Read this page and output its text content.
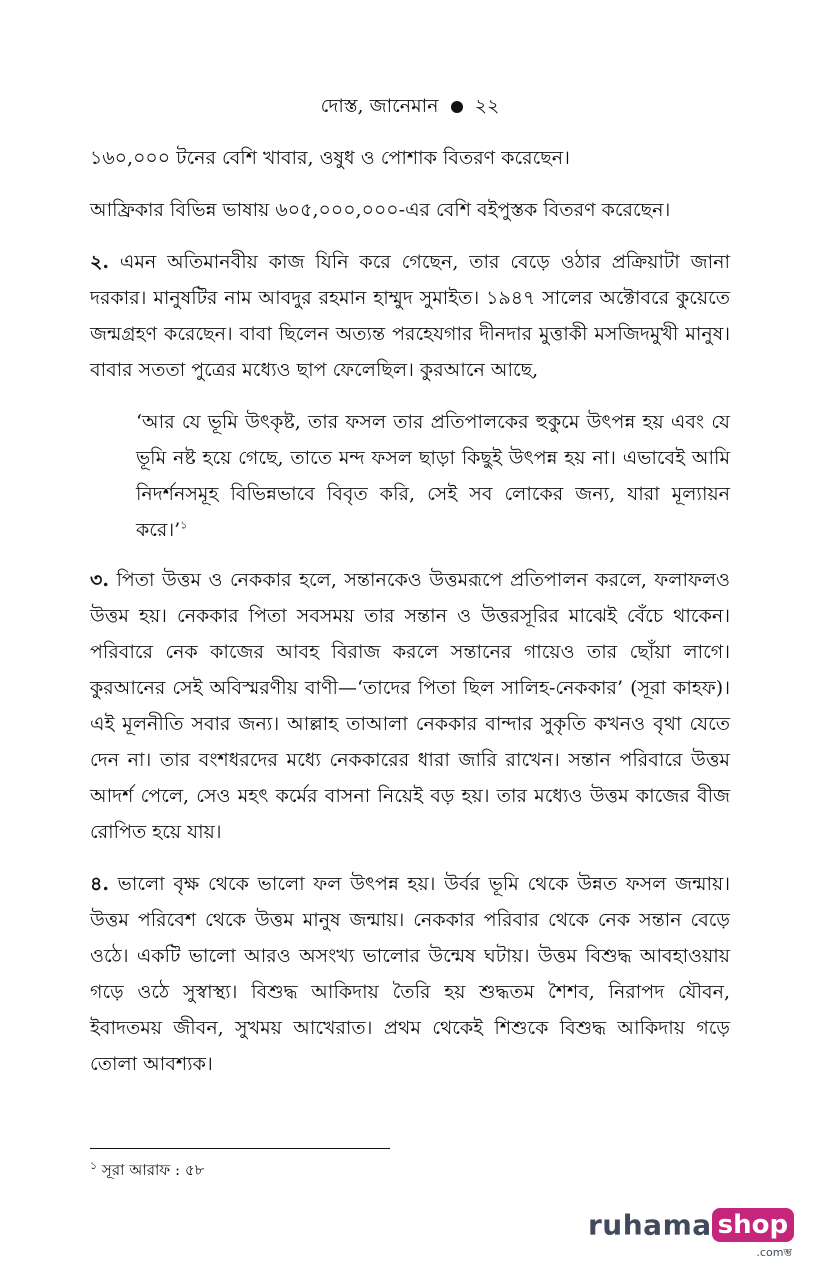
দোস্ত, জানেমান ২২

১৬০,০০০ টনের বেশি খাবার, ওষুধ ও পোশাক বিতরণ করেছেন।

আফ্রিকার বিভিন্ন ভাষায় ৬০৫,০০০,০০০-এর বেশি বইপুস্তক বিতরণ করেছেন।

২. এমন অতিমানবীয় কাজ যিনি করে গেছেন, তার বেড়ে ওঠার প্রক্রিয়াটা জানা দরকার। মানুষটির নাম আবদুর রহমান হাম্মুদ সুমাইত। ১৯৪৭ সালের অক্টোবরে কুয়েতে জন্মগ্রহণ করেছেন। বাবা ছিলেন অত্যন্ত পরহেযগার দীনদার মুত্তাকী মসজিদমুখী মানুষ। বাবার সততা পুত্রের মধ্যেও ছাপ ফেলেছিল। কুরআনে আছে,

‘আর যে ভূমি উৎকৃষ্ট, তার ফসল তার প্রতিপালকের হুকুমে উৎপন্ন হয় এবং যে ভূমি নষ্ট হয়ে গেছে, তাতে মন্দ ফসল ছাড়া কিছুই উৎপন্ন হয় না। এভাবেই আমি নিদর্শনসমূহ বিভিন্নভাবে বিবৃত করি, সেই সব লোকের জন্য, যারা মূল্যায়ন করে।’$^১$

৩. পিতা উত্তম ও নেককার হলে, সন্তানকেও উত্তমরূপে প্রতিপালন করলে, ফলাফলও উত্তম হয়। নেককার পিতা সবসময় তার সন্তান ও উত্তরসূরির মাঝেই বেঁচে থাকেন। পরিবারে নেক কাজের আবহ বিরাজ করলে সন্তানের গায়েও তার ছোঁয়া লাগে। কুরআনের সেই অবিস্মরণীয় বাণী—‘তাদের পিতা ছিল সালিহ-নেককার’ (সূরা কাহফ)। এই মূলনীতি সবার জন্য। আল্লাহ তাআলা নেককার বান্দার সুকৃতি কখনও বৃথা যেতে দেন না। তার বংশধরদের মধ্যে নেককারের ধারা জারি রাখেন। সন্তান পরিবারে উত্তম আদর্শ পেলে, সেও মহৎ কর্মের বাসনা নিয়েই বড় হয়। তার মধ্যেও উত্তম কাজের বীজ রোপিত হয়ে যায়।

৪. ভালো বৃক্ষ থেকে ভালো ফল উৎপন্ন হয়। উর্বর ভূমি থেকে উন্নত ফসল জন্মায়। উত্তম পরিবেশ থেকে উত্তম মানুষ জন্মায়। নেককার পরিবার থেকে নেক সন্তান বেড়ে ওঠে। একটি ভালো আরও অসংখ্য ভালোর উন্মেষ ঘটায়। উত্তম বিশুদ্ধ আবহাওয়ায় গড়ে ওঠে সুস্বাস্থ্য। বিশুদ্ধ আকিদায় তৈরি হয় শুদ্ধতম শৈশব, নিরাপদ যৌবন, ইবাদতময় জীবন, সুখময় আখেরাত। প্রথম থেকেই শিশুকে বিশুদ্ধ আকিদায় গড়ে তোলা আবশ্যক।

$^১$ সূরা আরাফ : ৫৮
ruhama shop
.comম্ভ
